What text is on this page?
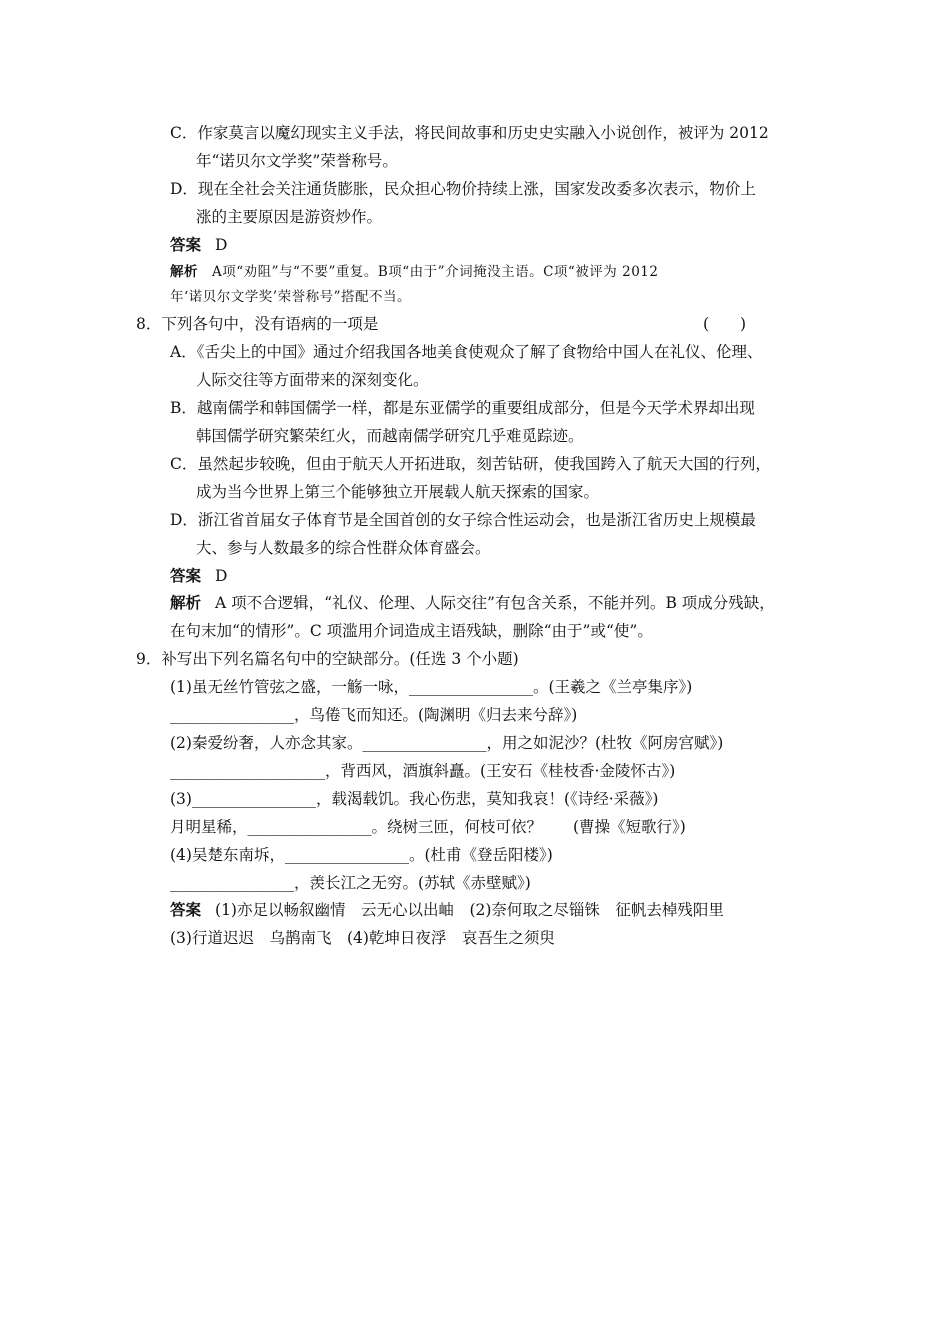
C．作家莫言以魔幻现实主义手法，将民间故事和历史史实融入小说创作，被评为 2012
年“诺贝尔文学奖”荣誉称号。
D．现在全社会关注通货膨胀，民众担心物价持续上涨，国家发改委多次表示，物价上
涨的主要原因是游资炒作。
答案 D
解析 A项“劝阻”与“不要”重复。B项“由于”介词掩没主语。C项“被评为 2012
年‘诺贝尔文学奖’荣誉称号”搭配不当。
8．下列各句中，没有语病的一项是	(　　)
A．《舌尖上的中国》通过介绍我国各地美食使观众了解了食物给中国人在礼仪、伦理、
人际交往等方面带来的深刻变化。
B．越南儒学和韩国儒学一样，都是东亚儒学的重要组成部分，但是今天学术界却出现
韩国儒学研究繁荣红火，而越南儒学研究几乎难觅踪迹。
C．虽然起步较晚，但由于航天人开拓进取，刻苦钻研，使我国跨入了航天大国的行列，
成为当今世界上第三个能够独立开展载人航天探索的国家。
D．浙江省首届女子体育节是全国首创的女子综合性运动会，也是浙江省历史上规模最
大、参与人数最多的综合性群众体育盛会。
答案 D
解析 A 项不合逻辑，“礼仪、伦理、人际交往”有包含关系，不能并列。B 项成分残缺，
在句末加“的情形”。C 项滥用介词造成主语残缺，删除“由于”或“使”。
9．补写出下列名篇名句中的空缺部分。(任选 3 个小题)
(1)虽无丝竹管弦之盛，一觞一咏，________________。(王羲之《兰亭集序》)
________________，鸟倦飞而知还。(陶渊明《归去来兮辞》)
(2)秦爱纷奢，人亦念其家。________________，用之如泥沙？(杜牧《阿房宫赋》)
____________________，背西风，酒旗斜矗。(王安石《桂枝香·金陵怀古》)
(3)________________，载渴载饥。我心伤悲，莫知我哀！(《诗经·采薇》)
月明星稀，________________。绕树三匝，何枝可依？　　(曹操《短歌行》)
(4)吴楚东南坼，________________。(杜甫《登岳阳楼》)
________________，羡长江之无穷。(苏轼《赤壁赋》)
答案 (1)亦足以畅叙幽情　云无心以出岫　(2)奈何取之尽锱铢　征帆去棹残阳里
(3)行道迟迟　乌鹊南飞　(4)乾坤日夜浮　哀吾生之须臾
